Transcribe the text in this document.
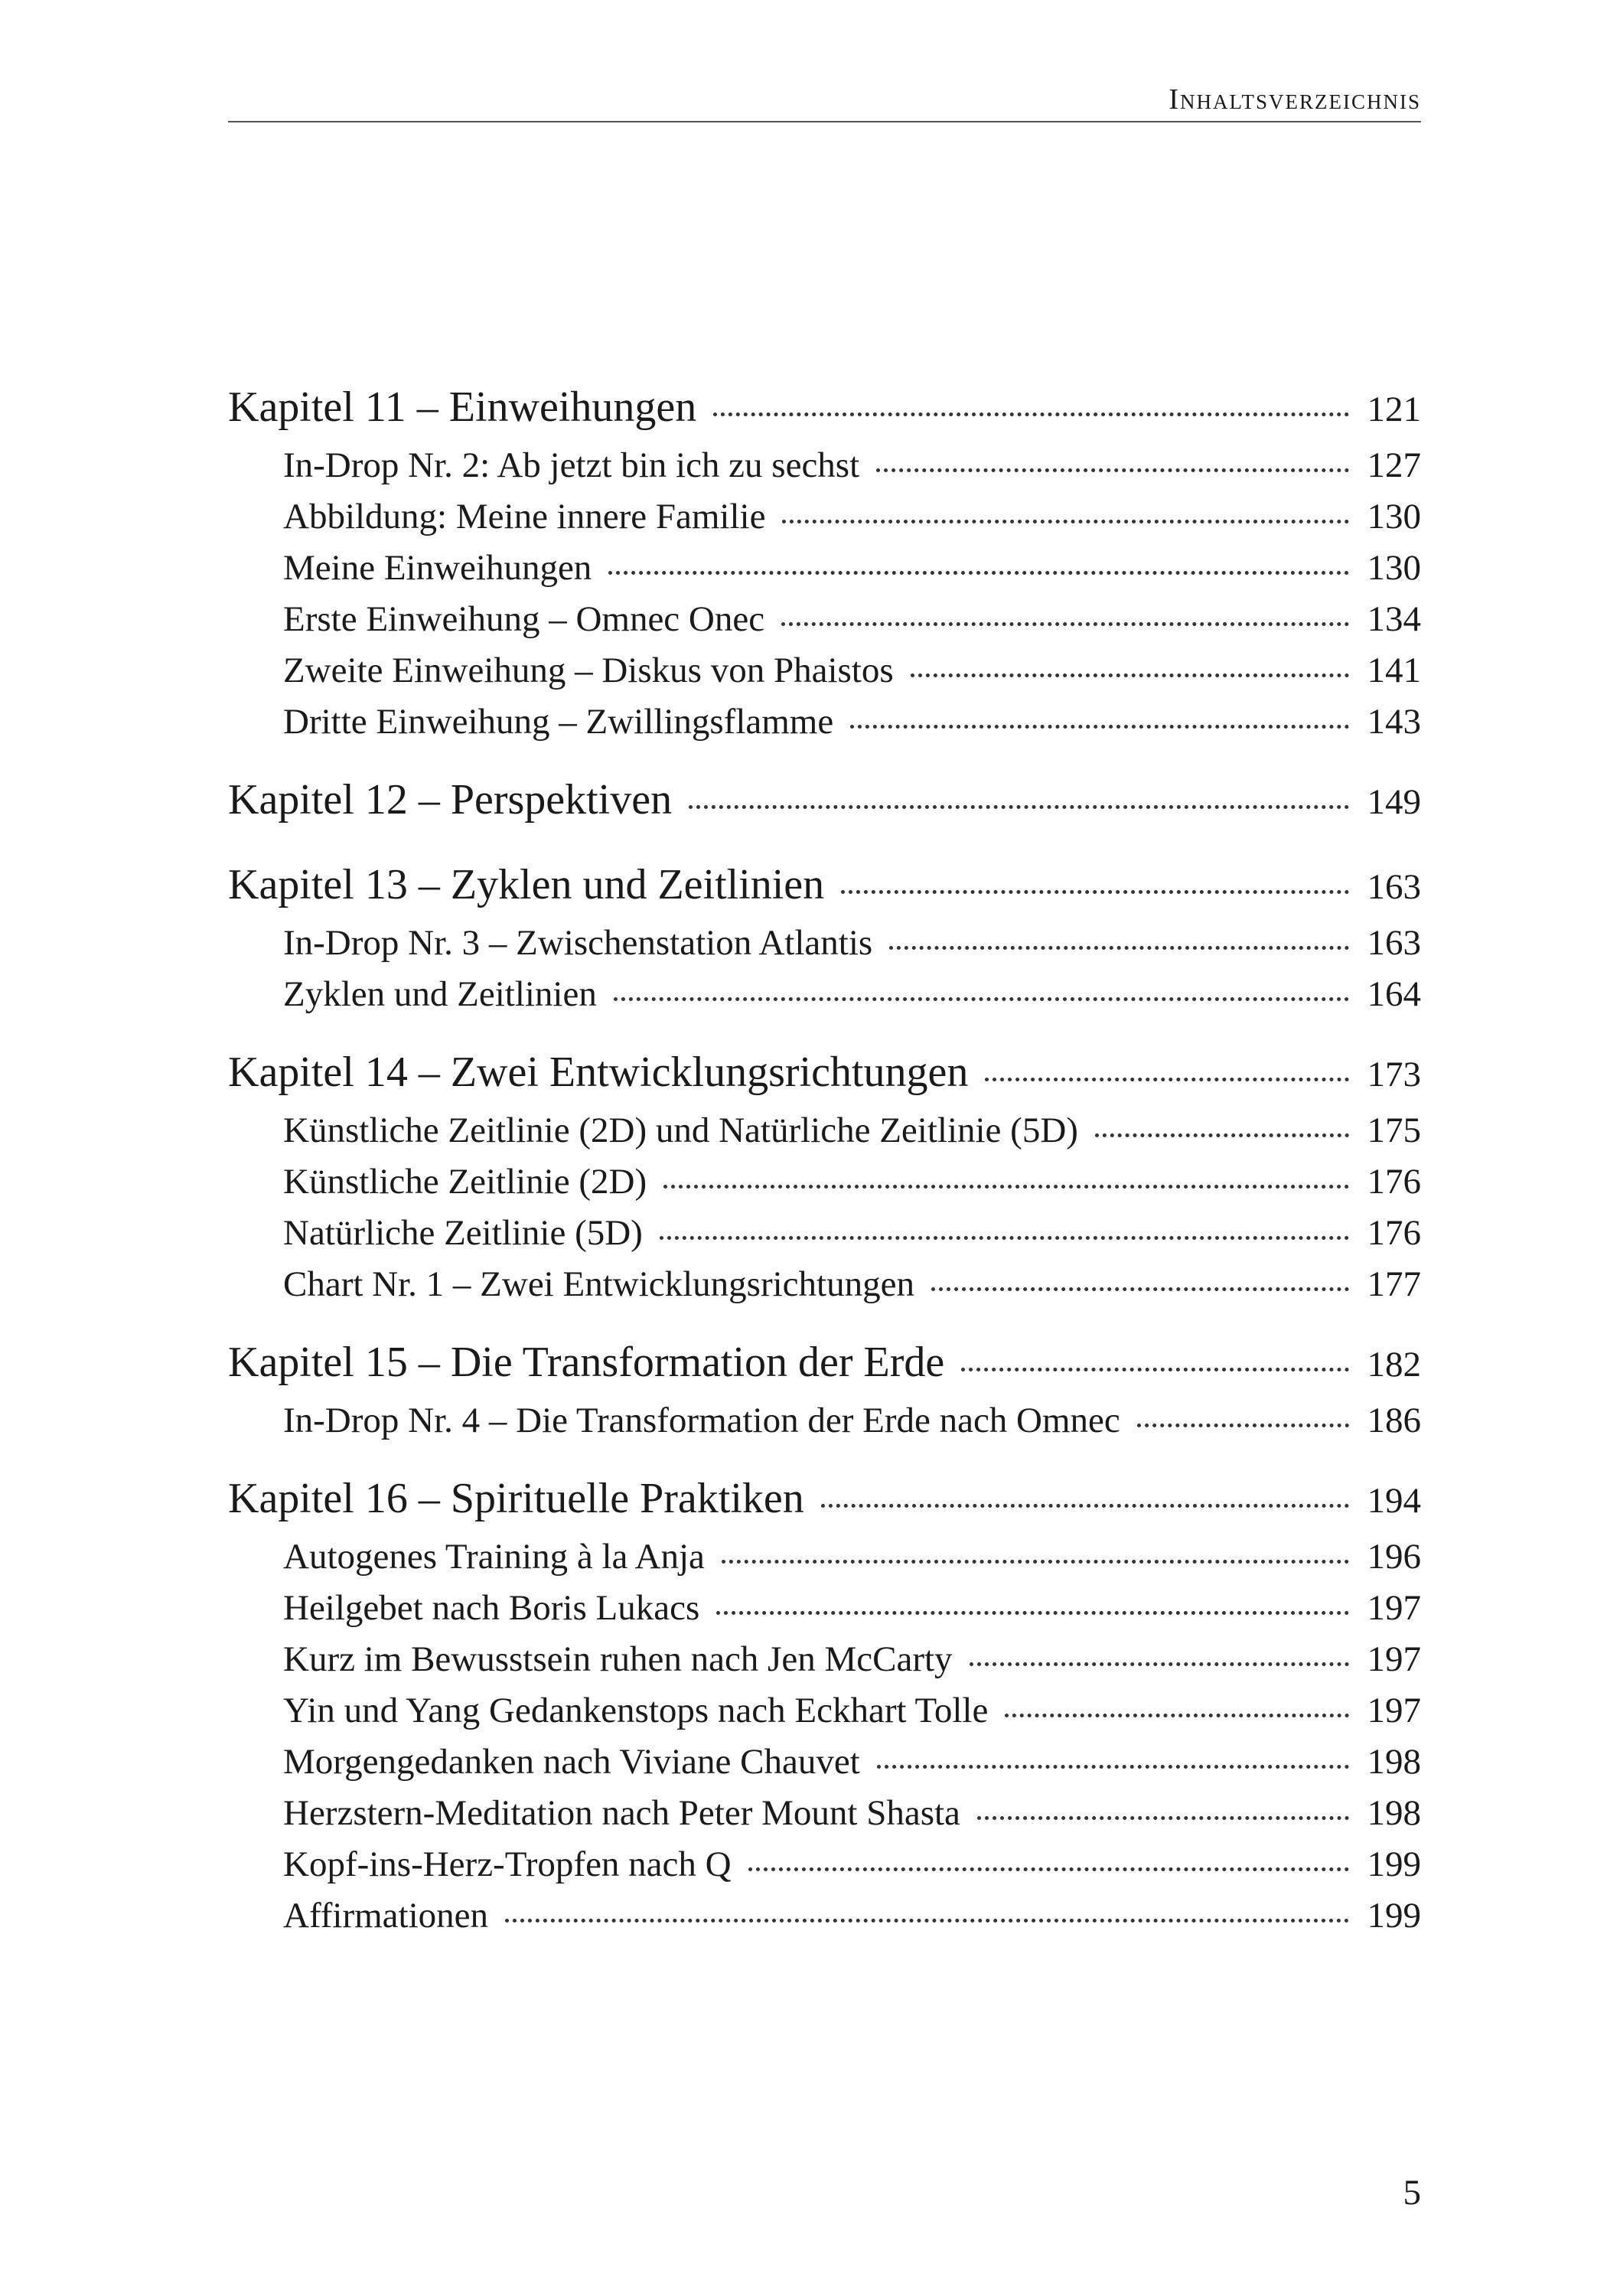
Inhaltsverzeichnis
Kapitel 11 – Einweihungen	121
In-Drop Nr. 2: Ab jetzt bin ich zu sechst	127
Abbildung: Meine innere Familie	130
Meine Einweihungen	130
Erste Einweihung – Omnec Onec	134
Zweite Einweihung – Diskus von Phaistos	141
Dritte Einweihung – Zwillingsflamme	143
Kapitel 12 – Perspektiven	149
Kapitel 13 – Zyklen und Zeitlinien	163
In-Drop Nr. 3 – Zwischenstation Atlantis	163
Zyklen und Zeitlinien	164
Kapitel 14 – Zwei Entwicklungsrichtungen	173
Künstliche Zeitlinie (2D) und Natürliche Zeitlinie (5D)	175
Künstliche Zeitlinie (2D)	176
Natürliche Zeitlinie (5D)	176
Chart Nr. 1 – Zwei Entwicklungsrichtungen	177
Kapitel 15 – Die Transformation der Erde	182
In-Drop Nr. 4 – Die Transformation der Erde nach Omnec	186
Kapitel 16 – Spirituelle Praktiken	194
Autogenes Training à la Anja	196
Heilgebet nach Boris Lukacs	197
Kurz im Bewusstsein ruhen nach Jen McCarty	197
Yin und Yang Gedankenstops nach Eckhart Tolle	197
Morgengedanken nach Viviane Chauvet	198
Herzstern-Meditation nach Peter Mount Shasta	198
Kopf-ins-Herz-Tropfen nach Q	199
Affirmationen	199
5
